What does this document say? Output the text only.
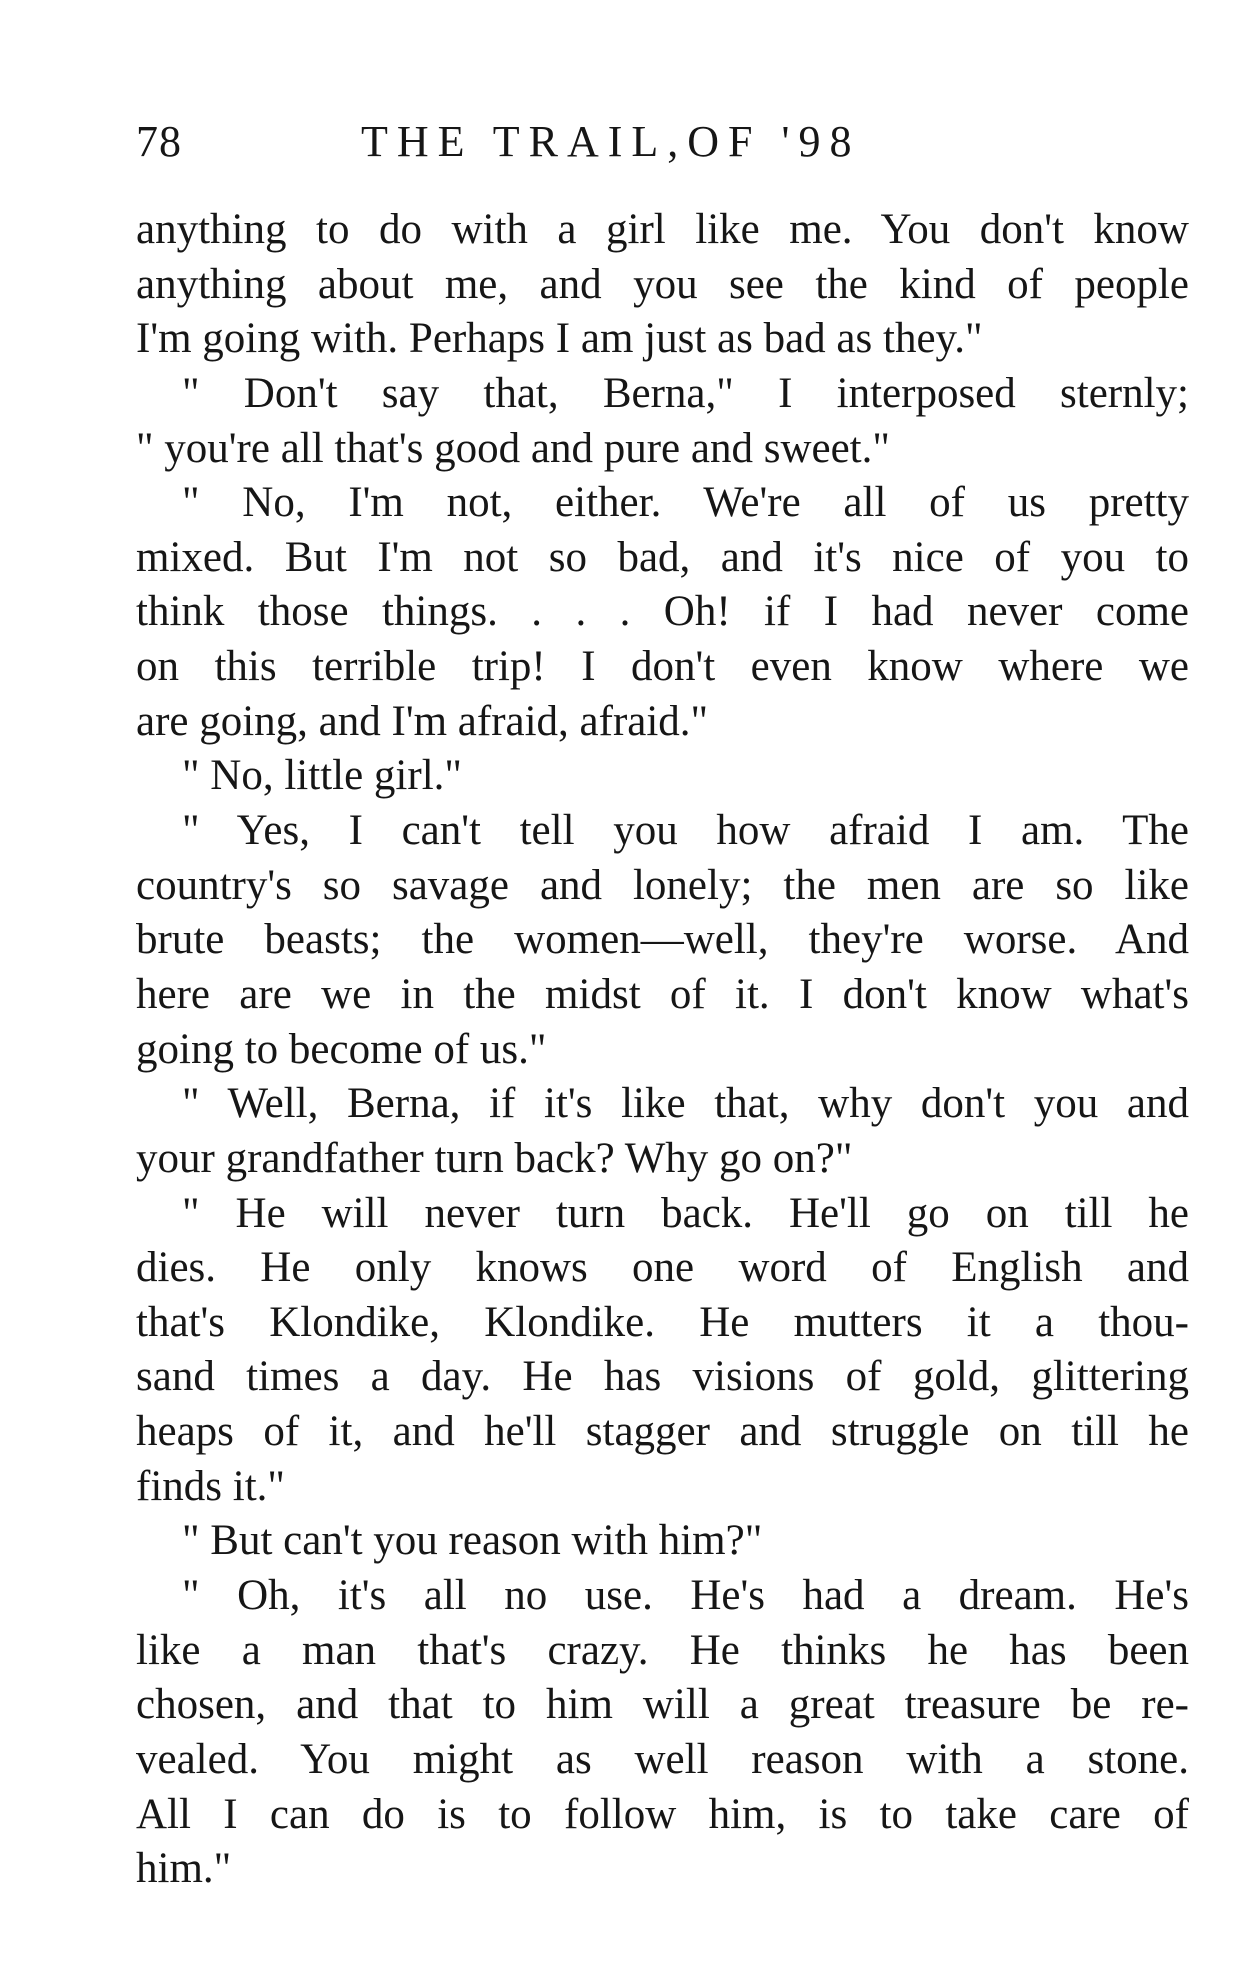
78	THE TRAIL,OF '98
anything to do with a girl like me. You don't know
anything about me, and you see the kind of people
I'm going with. Perhaps I am just as bad as they."
" Don't say that, Berna," I interposed sternly;
" you're all that's good and pure and sweet."
" No, I'm not, either. We're all of us pretty
mixed. But I'm not so bad, and it's nice of you to
think those things. . . . Oh! if I had never come
on this terrible trip! I don't even know where we
are going, and I'm afraid, afraid."
" No, little girl."
" Yes, I can't tell you how afraid I am. The
country's so savage and lonely; the men are so like
brute beasts; the women—well, they're worse. And
here are we in the midst of it. I don't know what's
going to become of us."
" Well, Berna, if it's like that, why don't you and
your grandfather turn back? Why go on?"
" He will never turn back. He'll go on till he
dies. He only knows one word of English and
that's Klondike, Klondike. He mutters it a thou-
sand times a day. He has visions of gold, glittering
heaps of it, and he'll stagger and struggle on till he
finds it."
" But can't you reason with him?"
" Oh, it's all no use. He's had a dream. He's
like a man that's crazy. He thinks he has been
chosen, and that to him will a great treasure be re-
vealed. You might as well reason with a stone.
All I can do is to follow him, is to take care of
him."
